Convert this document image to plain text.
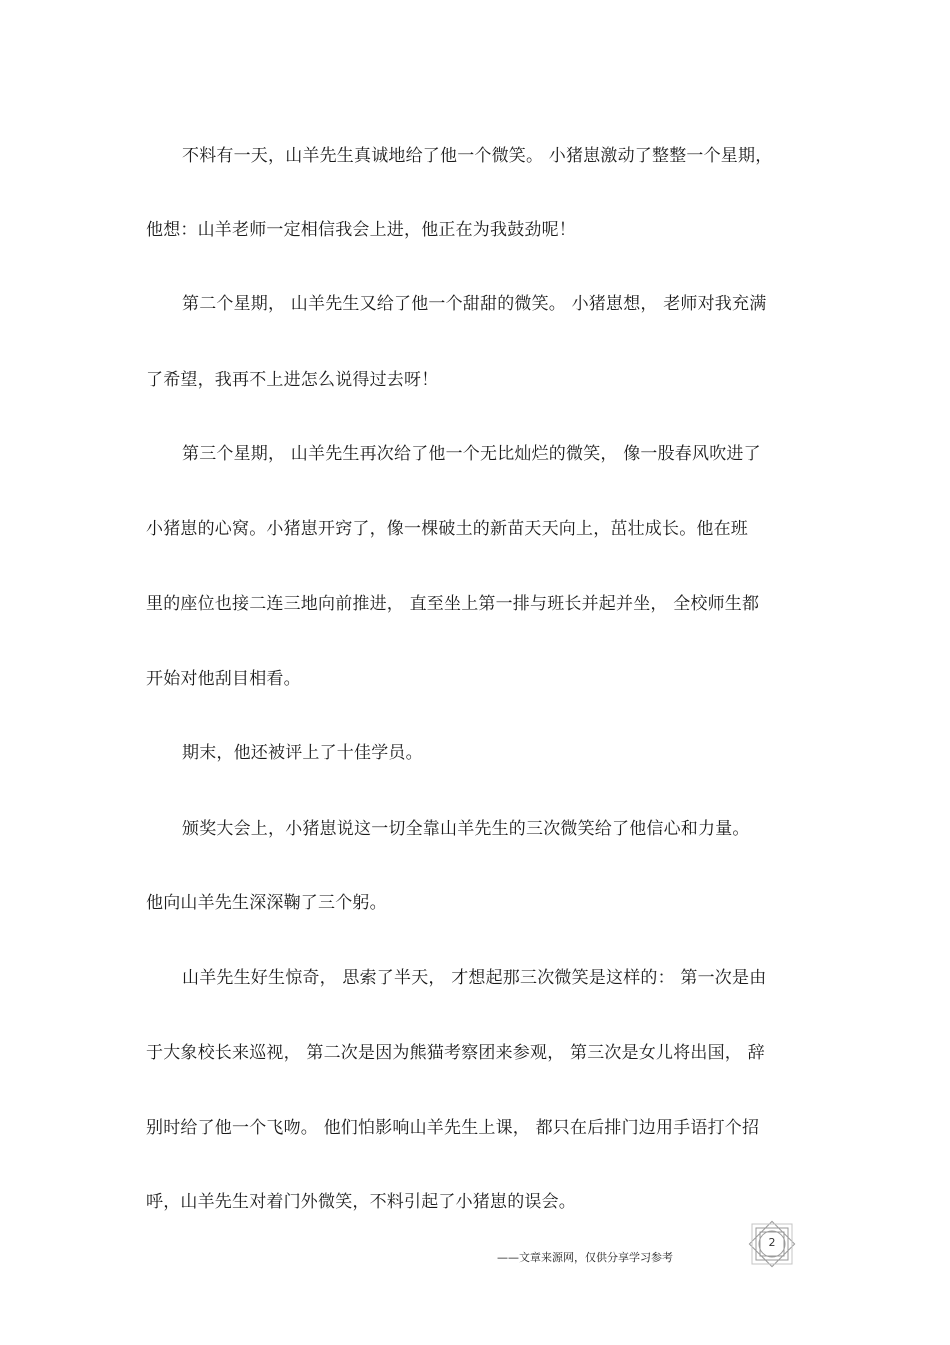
不料有一天，山羊先生真诚地给了他一个微笑。 小猪崽激动了整整一个星期，
他想：山羊老师一定相信我会上进，他正在为我鼓劲呢！
第二个星期， 山羊先生又给了他一个甜甜的微笑。 小猪崽想， 老师对我充满
了希望，我再不上进怎么说得过去呀！
第三个星期， 山羊先生再次给了他一个无比灿烂的微笑， 像一股春风吹进了
小猪崽的心窝。小猪崽开窍了，像一棵破土的新苗天天向上，茁壮成长。他在班
里的座位也接二连三地向前推进， 直至坐上第一排与班长并起并坐， 全校师生都
开始对他刮目相看。
期末，他还被评上了十佳学员。
颁奖大会上，小猪崽说这一切全靠山羊先生的三次微笑给了他信心和力量。
他向山羊先生深深鞠了三个躬。
山羊先生好生惊奇， 思索了半天， 才想起那三次微笑是这样的： 第一次是由
于大象校长来巡视， 第二次是因为熊猫考察团来参观， 第三次是女儿将出国， 辞
别时给了他一个飞吻。 他们怕影响山羊先生上课， 都只在后排门边用手语打个招
呼，山羊先生对着门外微笑，不料引起了小猪崽的误会。
——文章来源网，仅供分享学习参考
2
